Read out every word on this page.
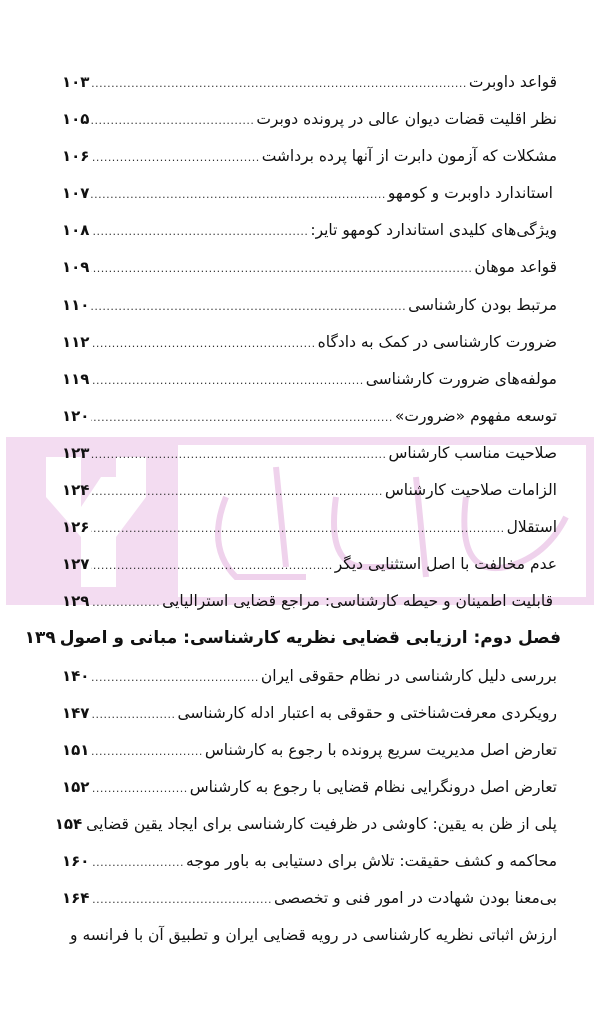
قواعد داوبرت
.....
۱۰۳
نظر اقلیت قضات دیوان عالی در پرونده دوبرت
.....
۱۰۵
مشکلات که آزمون دابرت از آنها پرده برداشت
.....
۱۰۶
استاندارد داوبرت و کومهو
.....
۱۰۷
ویژگی‌های کلیدی استاندارد کومهو تایر:
.....
۱۰۸
قواعد موهان
.....
۱۰۹
مرتبط بودن کارشناسی
.....
۱۱۰
ضرورت کارشناسی در کمک به دادگاه
.....
۱۱۲
مولفه‌های ضرورت کارشناسی
.....
۱۱۹
توسعه مفهوم «ضرورت»
.....
۱۲۰
صلاحیت مناسب کارشناس
.....
۱۲۳
الزامات صلاحیت کارشناس
.....
۱۲۴
استقلال
.....
۱۲۶
عدم مخالفت با اصل استثنایی دیگر
.....
۱۲۷
قابلیت اطمینان و حیطه کارشناسی: مراجع قضایی استرالیایی
.....
۱۲۹
فصل دوم: ارزیابی قضایی نظریه کارشناسی: مبانی و اصول
۱۳۹
بررسی دلیل کارشناسی در نظام حقوقی ایران
.....
۱۴۰
رویکردی معرفت‌شناختی و حقوقی به اعتبار ادله کارشناسی
.....
۱۴۷
تعارض اصل مدیریت سریع پرونده با رجوع به کارشناس
.....
۱۵۱
تعارض اصل درونگرایی نظام قضایی با رجوع به کارشناس
.....
۱۵۲
پلی از ظن به یقین: کاوشی در ظرفیت کارشناسی برای ایجاد یقین قضایی
۱۵۴
محاکمه و کشف حقیقت: تلاش برای دستیابی به باور موجه
.....
۱۶۰
بی‌معنا بودن شهادت در امور فنی و تخصصی
.....
۱۶۴
ارزش اثباتی نظریه کارشناسی در رویه قضایی ایران و تطبیق آن با فرانسه و
